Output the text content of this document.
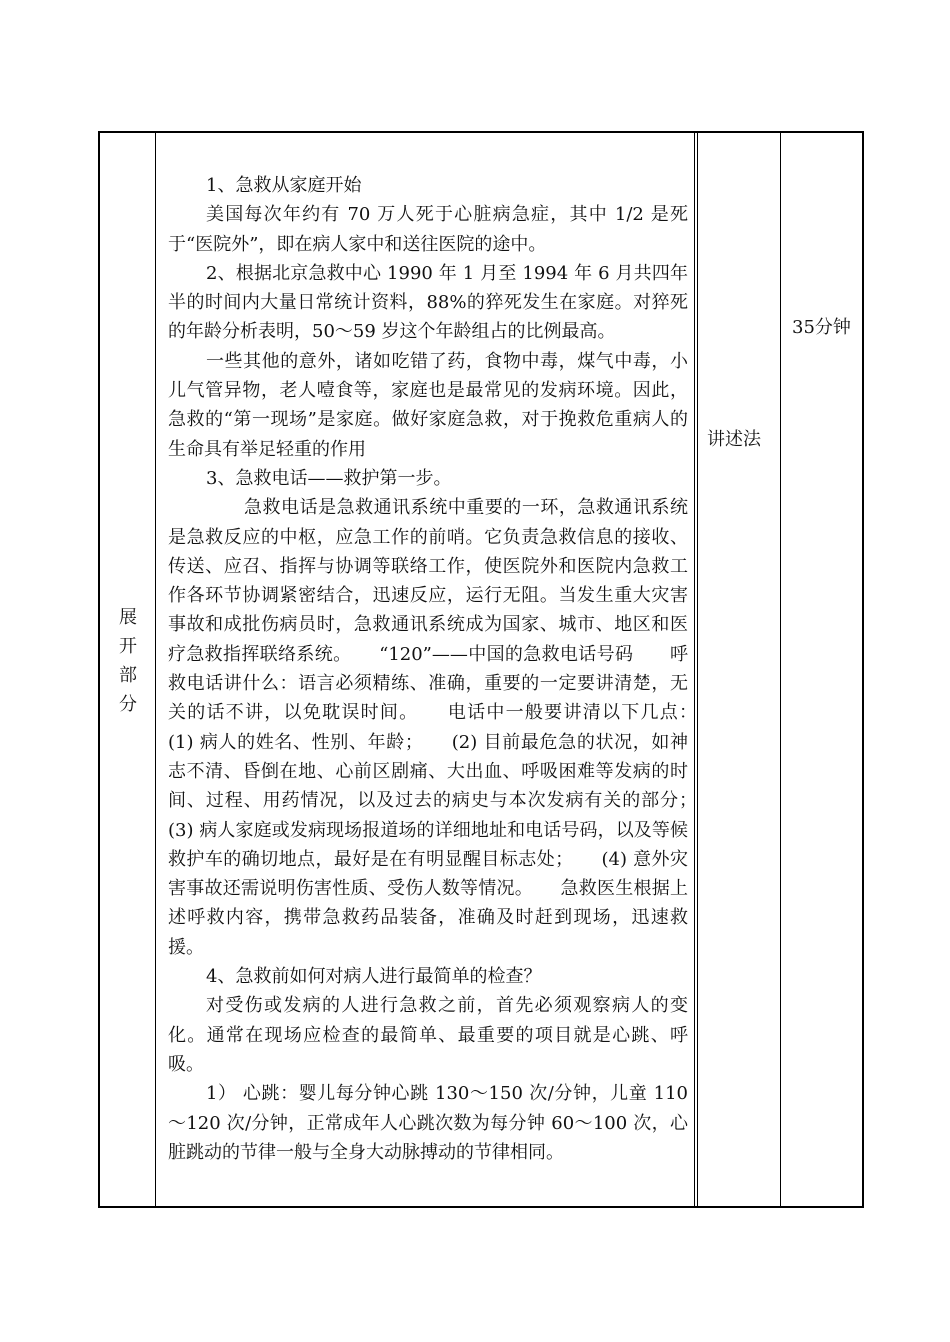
展
开
部
分

1、急救从家庭开始

美国每次年约有 70 万人死于心脏病急症，其中 1/2 是死于“医院外”，即在病人家中和送往医院的途中。

2、根据北京急救中心 1990 年 1 月至 1994 年 6 月共四年半的时间内大量日常统计资料，88%的猝死发生在家庭。对猝死的年龄分析表明，50～59 岁这个年龄组占的比例最高。

一些其他的意外，诸如吃错了药，食物中毒，煤气中毒，小儿气管异物，老人噎食等，家庭也是最常见的发病环境。因此，急救的“第一现场”是家庭。做好家庭急救，对于挽救危重病人的生命具有举足轻重的作用

3、急救电话——救护第一步。

急救电话是急救通讯系统中重要的一环，急救通讯系统是急救反应的中枢，应急工作的前哨。它负责急救信息的接收、传送、应召、指挥与协调等联络工作，使医院外和医院内急救工作各环节协调紧密结合，迅速反应，运行无阻。当发生重大灾害事故和成批伤病员时，急救通讯系统成为国家、城市、地区和医疗急救指挥联络系统。　　“120”——中国的急救电话号码　　呼救电话讲什么：语言必须精练、准确，重要的一定要讲清楚，无关的话不讲，以免耽误时间。　　电话中一般要讲清以下几点：　(1) 病人的姓名、性别、年龄；　　(2) 目前最危急的状况，如神志不清、昏倒在地、心前区剧痛、大出血、呼吸困难等发病的时间、过程、用药情况，以及过去的病史与本次发病有关的部分；　　(3) 病人家庭或发病现场报道场的详细地址和电话号码，以及等候救护车的确切地点，最好是在有明显醒目标志处；　　(4) 意外灾害事故还需说明伤害性质、受伤人数等情况。　　急救医生根据上述呼救内容，携带急救药品装备，准确及时赶到现场，迅速救援。

4、急救前如何对病人进行最简单的检查？

对受伤或发病的人进行急救之前，首先必须观察病人的变化。通常在现场应检查的最简单、最重要的项目就是心跳、呼吸。

1） 心跳：婴儿每分钟心跳 130～150 次/分钟，儿童 110～120 次/分钟，正常成年人心跳次数为每分钟 60～100 次，心脏跳动的节律一般与全身大动脉搏动的节律相同。

讲述法
35分钟
